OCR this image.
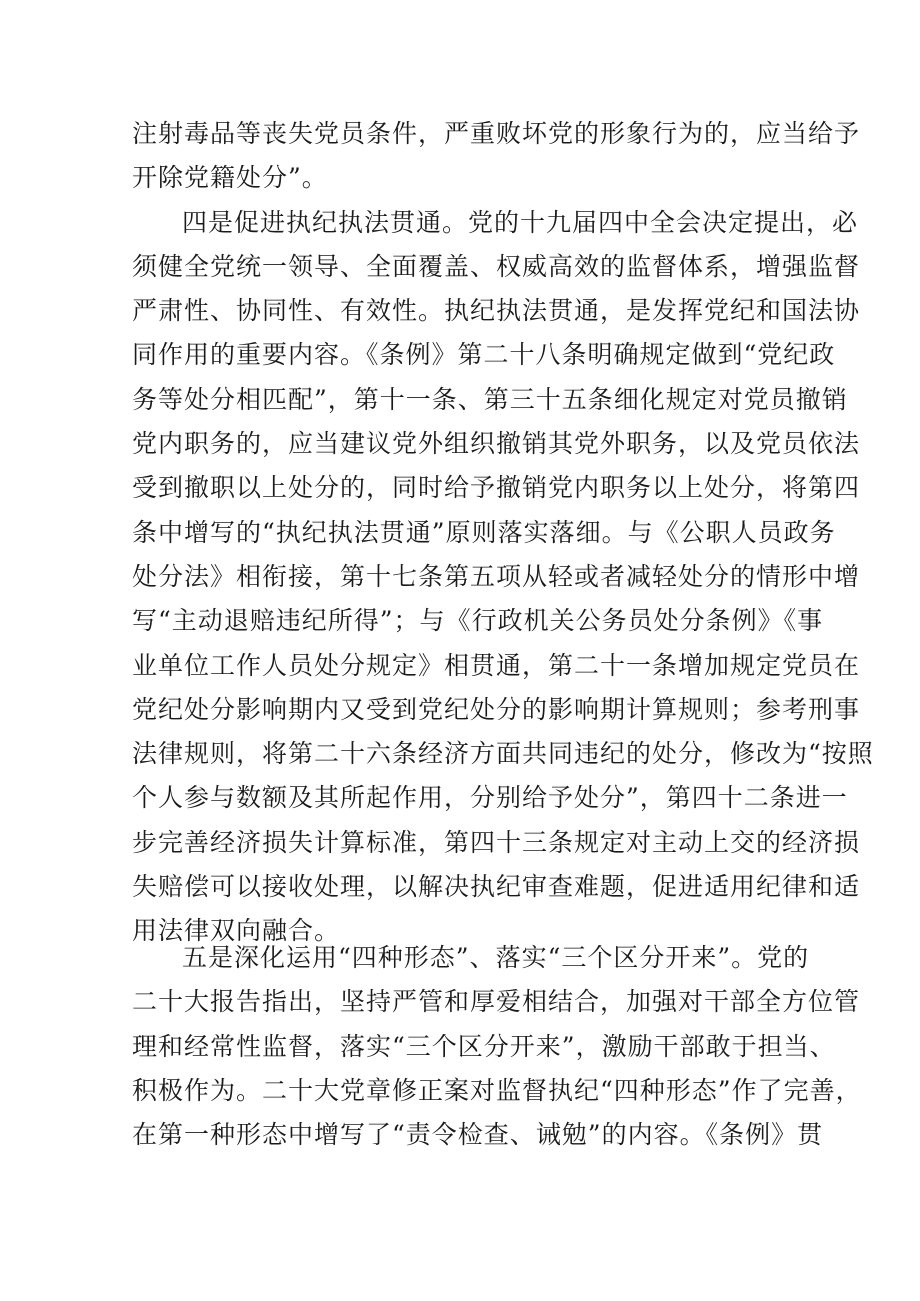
注射毒品等丧失党员条件，严重败坏党的形象行为的，应当给予
开除党籍处分”。
四是促进执纪执法贯通。党的十九届四中全会决定提出，必
须健全党统一领导、全面覆盖、权威高效的监督体系，增强监督
严肃性、协同性、有效性。执纪执法贯通，是发挥党纪和国法协
同作用的重要内容。《条例》第二十八条明确规定做到“党纪政
务等处分相匹配”，第十一条、第三十五条细化规定对党员撤销
党内职务的，应当建议党外组织撤销其党外职务，以及党员依法
受到撤职以上处分的，同时给予撤销党内职务以上处分，将第四
条中增写的“执纪执法贯通”原则落实落细。与《公职人员政务
处分法》相衔接，第十七条第五项从轻或者减轻处分的情形中增
写“主动退赔违纪所得”；与《行政机关公务员处分条例》《事
业单位工作人员处分规定》相贯通，第二十一条增加规定党员在
党纪处分影响期内又受到党纪处分的影响期计算规则；参考刑事
法律规则，将第二十六条经济方面共同违纪的处分，修改为“按照
个人参与数额及其所起作用，分别给予处分”，第四十二条进一
步完善经济损失计算标准，第四十三条规定对主动上交的经济损
失赔偿可以接收处理，以解决执纪审查难题，促进适用纪律和适
用法律双向融合。
五是深化运用“四种形态”、落实“三个区分开来”。党的
二十大报告指出，坚持严管和厚爱相结合，加强对干部全方位管
理和经常性监督，落实“三个区分开来”，激励干部敢于担当、
积极作为。二十大党章修正案对监督执纪“四种形态”作了完善，
在第一种形态中增写了“责令检查、诫勉”的内容。《条例》贯
